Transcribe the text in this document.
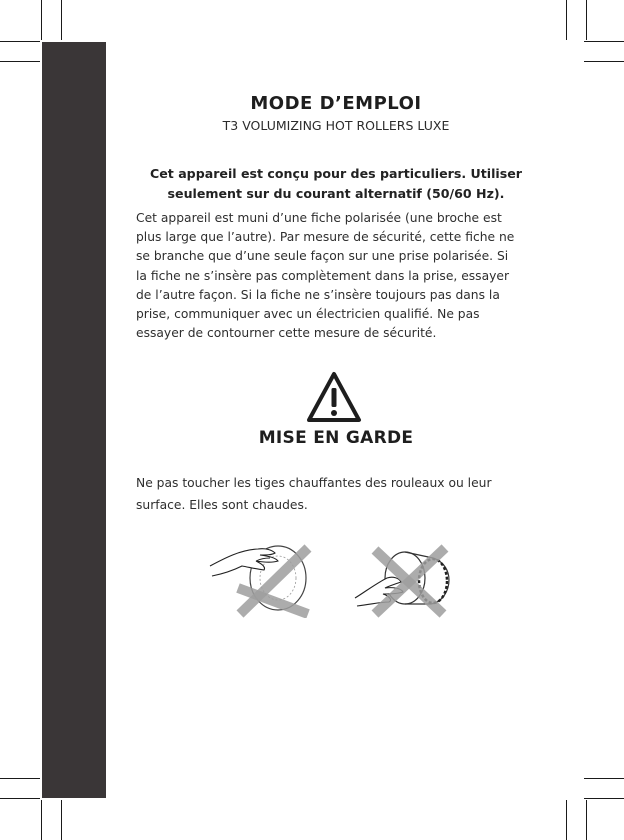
MODE D’EMPLOI

T3 VOLUMIZING HOT ROLLERS LUXE

Cet appareil est conçu pour des particuliers. Utiliser
seulement sur du courant alternatif (50/60 Hz).

Cet appareil est muni d’une fiche polarisée (une broche est plus large que l’autre). Par mesure de sécurité, cette fiche ne se branche que d’une seule façon sur une prise polarisée. Si la fiche ne s’insère pas complètement dans la prise, essayer de l’autre façon. Si la fiche ne s’insère toujours pas dans la prise, communiquer avec un électricien qualifié. Ne pas essayer de contourner cette mesure de sécurité.

MISE EN GARDE

Ne pas toucher les tiges chauffantes des rouleaux ou leur surface. Elles sont chaudes.
